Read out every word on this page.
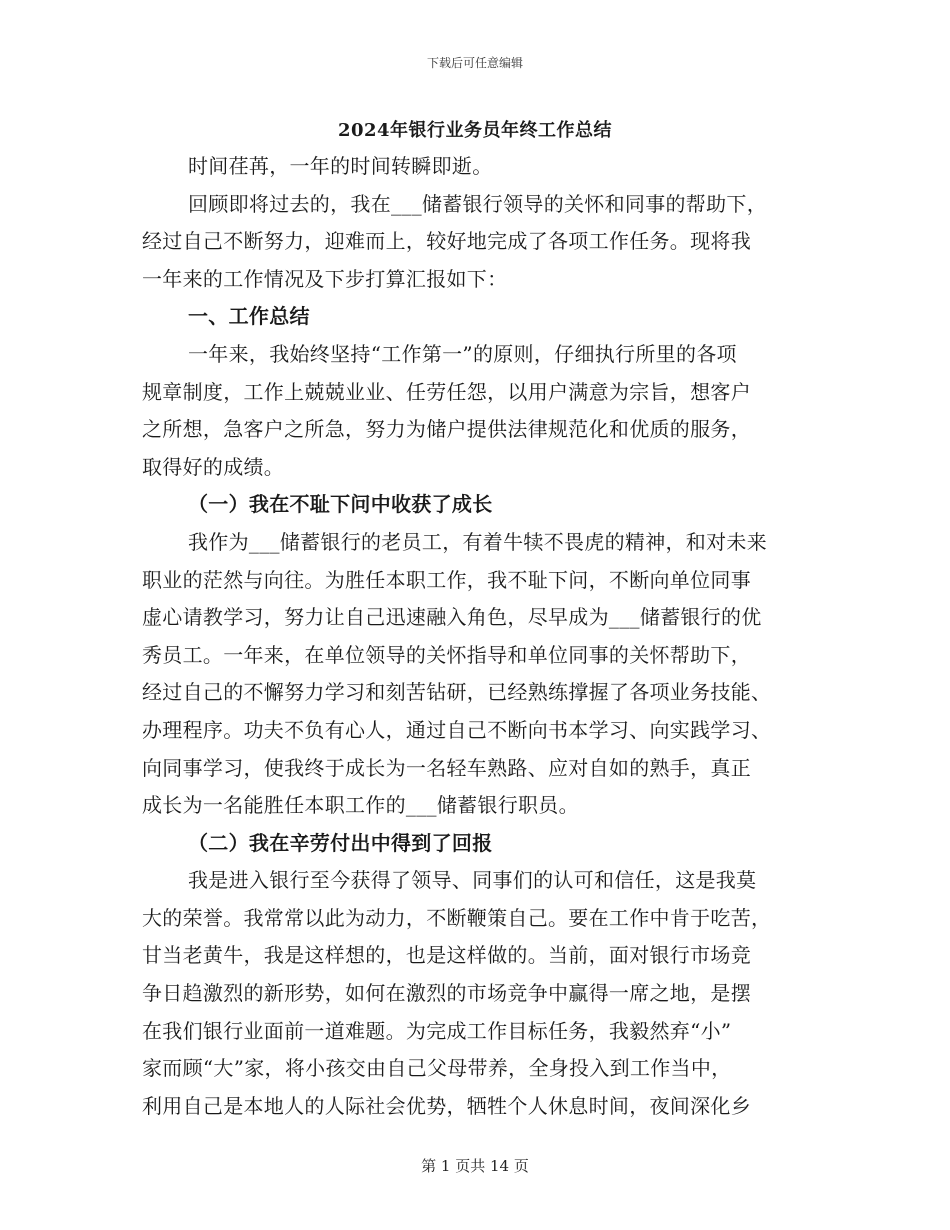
下载后可任意编辑
2024年银行业务员年终工作总结
时间荏苒，一年的时间转瞬即逝。
回顾即将过去的，我在___储蓄银行领导的关怀和同事的帮助下，
经过自己不断努力，迎难而上，较好地完成了各项工作任务。现将我
一年来的工作情况及下步打算汇报如下：
一、工作总结
一年来，我始终坚持“工作第一”的原则，仔细执行所里的各项
规章制度，工作上兢兢业业、任劳任怨，以用户满意为宗旨，想客户
之所想，急客户之所急，努力为储户提供法律规范化和优质的服务，
取得好的成绩。
（一）我在不耻下问中收获了成长
我作为___储蓄银行的老员工，有着牛犊不畏虎的精神，和对未来
职业的茫然与向往。为胜任本职工作，我不耻下问，不断向单位同事
虚心请教学习，努力让自己迅速融入角色，尽早成为___储蓄银行的优
秀员工。一年来，在单位领导的关怀指导和单位同事的关怀帮助下，
经过自己的不懈努力学习和刻苦钻研，已经熟练撑握了各项业务技能、
办理程序。功夫不负有心人，通过自己不断向书本学习、向实践学习、
向同事学习，使我终于成长为一名轻车熟路、应对自如的熟手，真正
成长为一名能胜任本职工作的___储蓄银行职员。
（二）我在辛劳付出中得到了回报
我是进入银行至今获得了领导、同事们的认可和信任，这是我莫
大的荣誉。我常常以此为动力，不断鞭策自己。要在工作中肯于吃苦，
甘当老黄牛，我是这样想的，也是这样做的。当前，面对银行市场竞
争日趋激烈的新形势，如何在激烈的市场竞争中赢得一席之地，是摆
在我们银行业面前一道难题。为完成工作目标任务，我毅然弃“小”
家而顾“大”家，将小孩交由自己父母带养，全身投入到工作当中，
利用自己是本地人的人际社会优势，牺牲个人休息时间，夜间深化乡
第 1 页共 14 页
